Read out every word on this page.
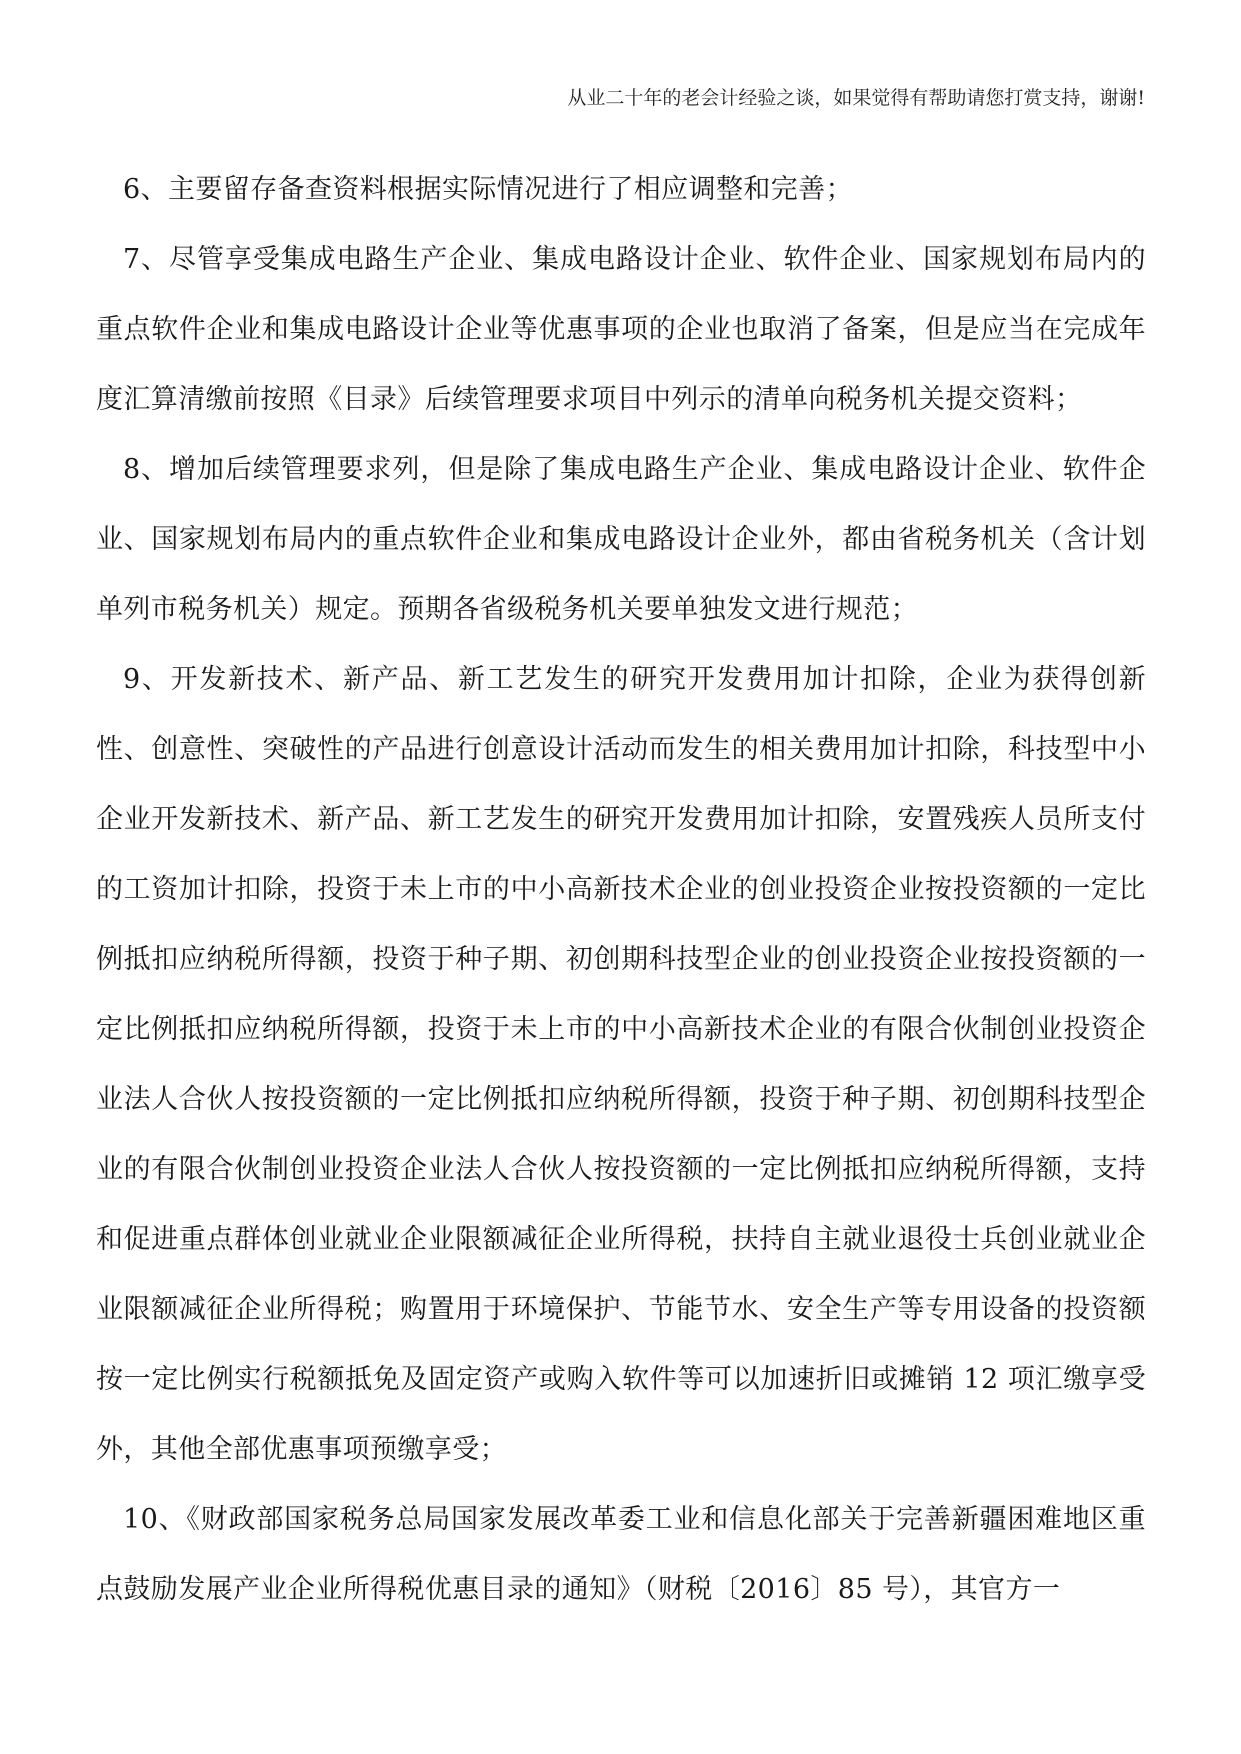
从业二十年的老会计经验之谈，如果觉得有帮助请您打赏支持，谢谢!

6、主要留存备查资料根据实际情况进行了相应调整和完善；

7、尽管享受集成电路生产企业、集成电路设计企业、软件企业、国家规划布局内的重点软件企业和集成电路设计企业等优惠事项的企业也取消了备案，但是应当在完成年度汇算清缴前按照《目录》后续管理要求项目中列示的清单向税务机关提交资料；

8、增加后续管理要求列，但是除了集成电路生产企业、集成电路设计企业、软件企业、国家规划布局内的重点软件企业和集成电路设计企业外，都由省税务机关（含计划单列市税务机关）规定。预期各省级税务机关要单独发文进行规范；

9、开发新技术、新产品、新工艺发生的研究开发费用加计扣除，企业为获得创新性、创意性、突破性的产品进行创意设计活动而发生的相关费用加计扣除，科技型中小企业开发新技术、新产品、新工艺发生的研究开发费用加计扣除，安置残疾人员所支付的工资加计扣除，投资于未上市的中小高新技术企业的创业投资企业按投资额的一定比例抵扣应纳税所得额，投资于种子期、初创期科技型企业的创业投资企业按投资额的一定比例抵扣应纳税所得额，投资于未上市的中小高新技术企业的有限合伙制创业投资企业法人合伙人按投资额的一定比例抵扣应纳税所得额，投资于种子期、初创期科技型企业的有限合伙制创业投资企业法人合伙人按投资额的一定比例抵扣应纳税所得额，支持和促进重点群体创业就业企业限额减征企业所得税，扶持自主就业退役士兵创业就业企业限额减征企业所得税；购置用于环境保护、节能节水、安全生产等专用设备的投资额按一定比例实行税额抵免及固定资产或购入软件等可以加速折旧或摊销 12 项汇缴享受外，其他全部优惠事项预缴享受；

10、《财政部国家税务总局国家发展改革委工业和信息化部关于完善新疆困难地区重点鼓励发展产业企业所得税优惠目录的通知》（财税〔2016〕85 号），其官方一
